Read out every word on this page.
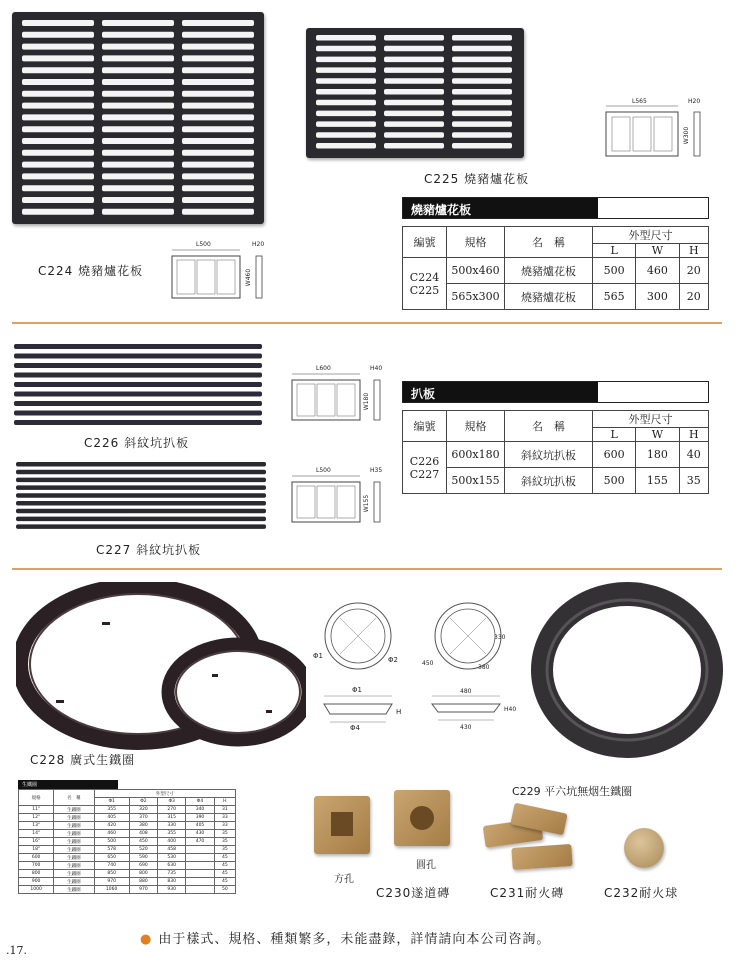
L565	H20
W300
C225 燒豬爐花板
燒豬爐花板
編號	規格	名　稱	外型尺寸		
			L	W	H

C224
C225	500x460	燒豬爐花板	500	460	20
	565x300	燒豬爐花板	565	300	20
L500	H20
W460
C224 燒豬爐花板
C226 斜紋坑扒板
L600	H40
W180	扒板
编號	規格	名　稱	外型尺寸		
			L	W	H

C226
C227	600x180	斜紋坑扒板	600	180	40
	500x155	斜紋坑扒板	500	155	35
L500	H35
W155
C227 斜紋坑扒板
C228 廣式生鐵圈
Φ1	Φ2
330
450
380
Φ1
H
Φ4
480
H40
430
C229 平六坑無烟生鐵圈
生鐵圈
規格	名　稱	外型尺寸				
		Φ1	Φ2	Φ3	Φ4	H
11"	生鐵圈	355	320	270	340	31
12"	生鐵圈	405	370	315	390	33
13"	生鐵圈	420	380	330	405	33
14"	生鐵圈	460	408	355	430	35
16"	生鐵圈	500	450	400	470	35
18"	生鐵圈	578	520	458		35
600	生鐵圈	650	590	530		45
700	生鐵圈	740	690	630		45
800	生鐵圈	850	800	735		45
900	生鐵圈	970	880	830		45
1000	生鐵圈	1060	970	930		50
方孔
圓孔
C230遂道磚	C231耐火磚	C232耐火球
● 由于樣式、規格、種類繁多，未能盡錄，詳情請向本公司咨詢。
.17.
